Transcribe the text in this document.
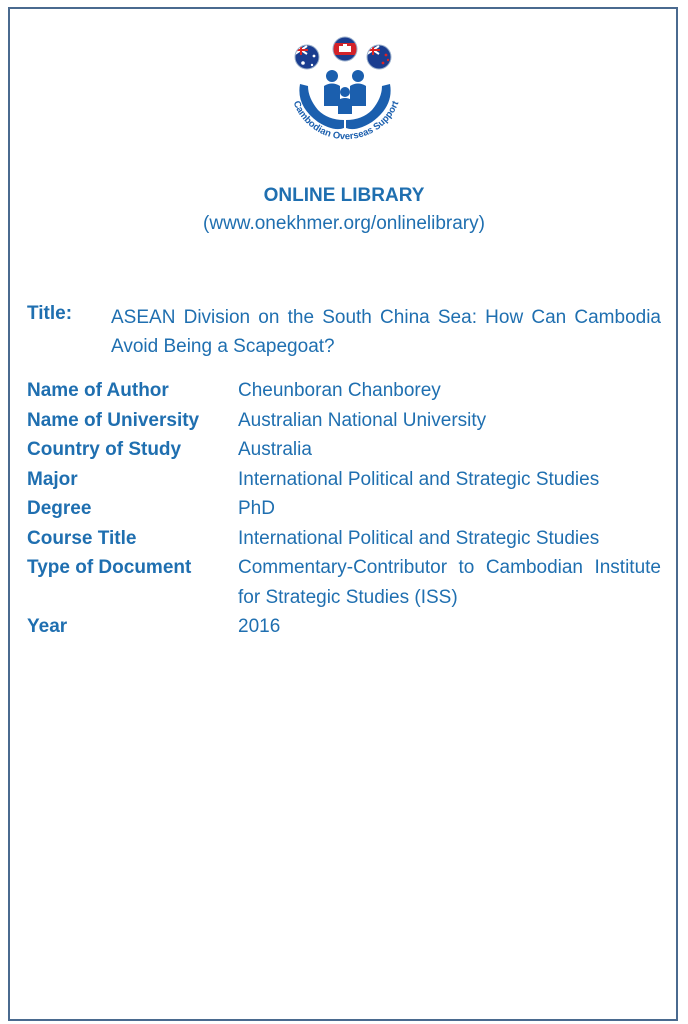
Cambodian Overseas Support
ONLINE LIBRARY
(www.onekhmer.org/onlinelibrary)
Title: ASEAN Division on the South China Sea: How Can Cambodia Avoid Being a Scapegoat?
Name of Author	Cheunboran Chanborey
Name of University	Australian National University
Country of Study	Australia
Major	International Political and Strategic Studies
Degree	PhD
Course Title	International Political and Strategic Studies
Type of Document	Commentary-Contributor to Cambodian Institute for Strategic Studies (ISS)
Year	2016
